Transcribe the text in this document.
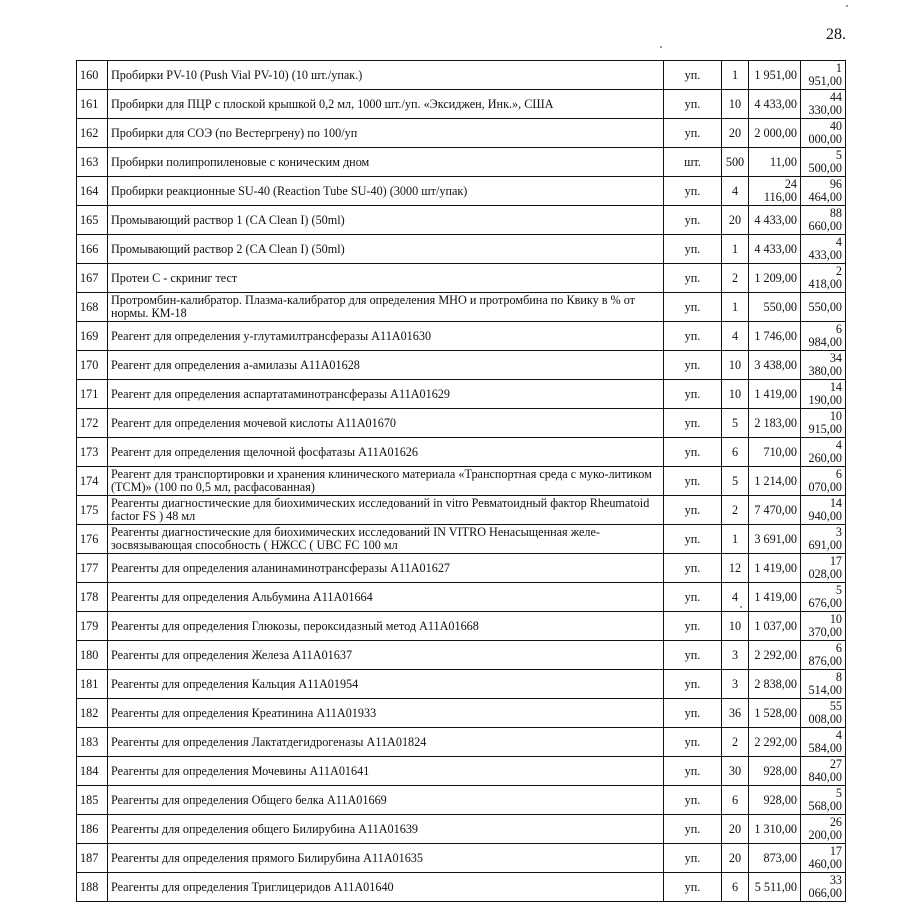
28.
160	Пробирки PV-10 (Push Vial PV-10) (10 шт./упак.)	уп.	1	1 951,00	1 951,00
161	Пробирки для ПЦР с плоской крышкой 0,2 мл, 1000 шт./уп. «Эксиджен, Инк.», США	уп.	10	4 433,00	44 330,00
162	Пробирки для СОЭ (по Вестергрену) по 100/уп	уп.	20	2 000,00	40 000,00
163	Пробирки полипропиленовые с коническим дном	шт.	500	11,00	5 500,00
164	Пробирки реакционные SU-40 (Reaction Tube SU-40) (3000 шт/упак)	уп.	4	24 116,00	96 464,00
165	Промывающий раствор 1 (CA Clean I) (50ml)	уп.	20	4 433,00	88 660,00
166	Промывающий раствор 2 (CA Clean I) (50ml)	уп.	1	4 433,00	4 433,00
167	Протеи С - скриниг тест	уп.	2	1 209,00	2 418,00
168	Протромбин-калибратор. Плазма-калибратор для определения МНО и протромбина по Квику в % от нормы. КМ-18	уп.	1	550,00	550,00
169	Реагент для определения у-глутамилтрансферазы A11A01630	уп.	4	1 746,00	6 984,00
170	Реагент для определения а-амилазы A11A01628	уп.	10	3 438,00	34 380,00
171	Реагент для определения аспартатаминотрансферазы A11A01629	уп.	10	1 419,00	14 190,00
172	Реагент для определения мочевой кислоты A11A01670	уп.	5	2 183,00	10 915,00
173	Реагент для определения щелочной фосфатазы A11A01626	уп.	6	710,00	4 260,00
174	Реагент для транспортировки и хранения клинического материала «Транспортная среда с муко-литиком (ТСМ)» (100 по 0,5 мл, расфасованная)	уп.	5	1 214,00	6 070,00
175	Реагенты диагностические для биохимических исследований in vitro Ревматоидный фактор Rheumatoid factor FS ) 48 мл	уп.	2	7 470,00	14 940,00
176	Реагенты диагностические для биохимических исследований IN VITRO Ненасыщенная желе-зосвязывающая способность ( НЖСС ( UBC FC 100 мл	уп.	1	3 691,00	3 691,00
177	Реагенты для определения аланинаминотрансферазы A11A01627	уп.	12	1 419,00	17 028,00
178	Реагенты для определения Альбумина A11A01664	уп.	4	1 419,00	5 676,00
179	Реагенты для определения Глюкозы, пероксидазный метод A11A01668	уп.	10	1 037,00	10 370,00
180	Реагенты для определения Железа A11A01637	уп.	3	2 292,00	6 876,00
181	Реагенты для определения Кальция A11A01954	уп.	3	2 838,00	8 514,00
182	Реагенты для определения Креатинина A11A01933	уп.	36	1 528,00	55 008,00
183	Реагенты для определения Лактатдегидрогеназы A11A01824	уп.	2	2 292,00	4 584,00
184	Реагенты для определения Мочевины A11A01641	уп.	30	928,00	27 840,00
185	Реагенты для определения Общего белка A11A01669	уп.	6	928,00	5 568,00
186	Реагенты для определения общего Билирубина A11A01639	уп.	20	1 310,00	26 200,00
187	Реагенты для определения прямого Билирубина A11A01635	уп.	20	873,00	17 460,00
188	Реагенты для определения Триглицеридов A11A01640	уп.	6	5 511,00	33 066,00
